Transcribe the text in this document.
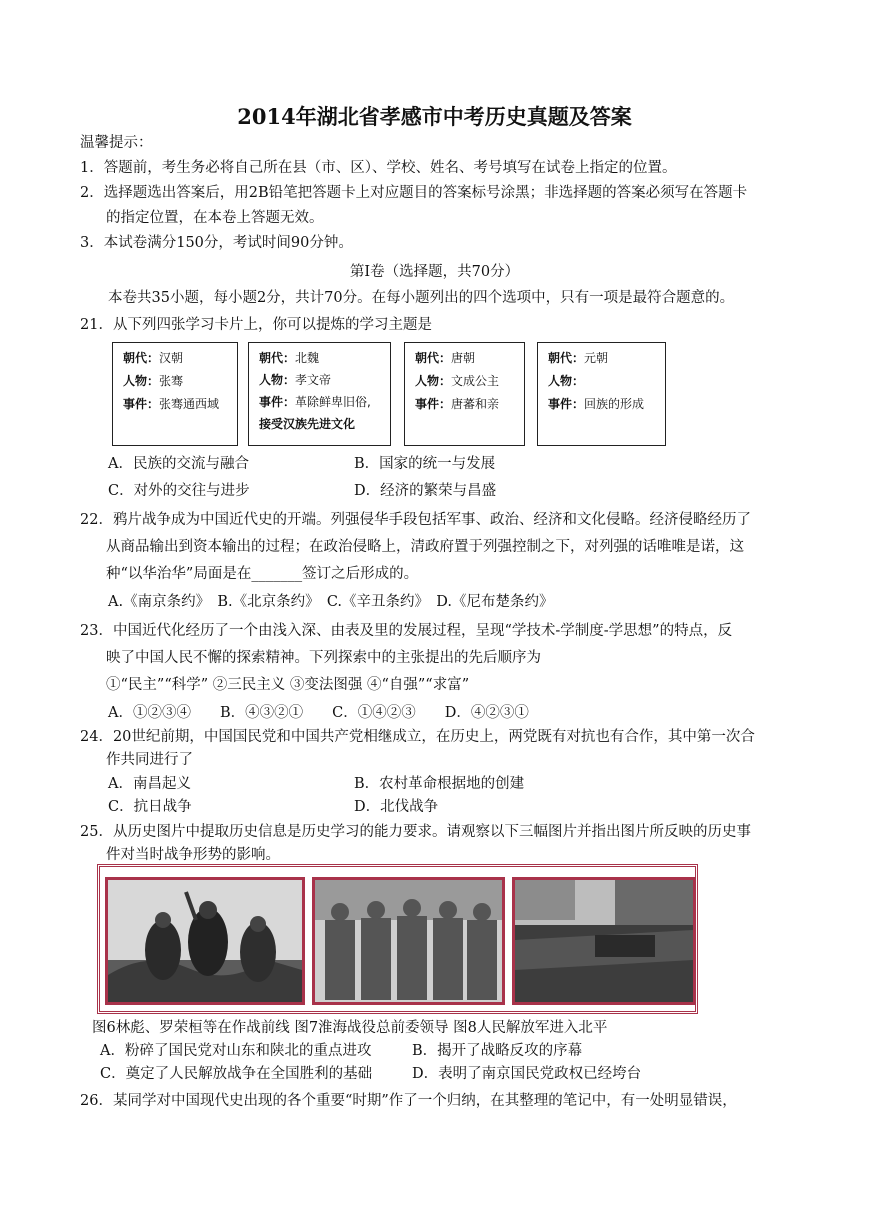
2014年湖北省孝感市中考历史真题及答案
温馨提示：
1．答题前，考生务必将自己所在县（市、区）、学校、姓名、考号填写在试卷上指定的位置。
2．选择题选出答案后，用2B铅笔把答题卡上对应题目的答案标号涂黑；非选择题的答案必须写在答题卡
的指定位置，在本卷上答题无效。
3．本试卷满分150分，考试时间90分钟。
第Ⅰ卷（选择题，共70分）
本卷共35小题，每小题2分，共计70分。在每小题列出的四个选项中，只有一项是最符合题意的。
21．从下列四张学习卡片上，你可以提炼的学习主题是
朝代：汉朝
人物：张骞
事件：张骞通西域
朝代：北魏
人物：孝文帝
事件：革除鲜卑旧俗,
接受汉族先进文化
朝代：唐朝
人物：文成公主
事件：唐蕃和亲
朝代：元朝
人物：
事件：回族的形成
A．民族的交流与融合	B．国家的统一与发展
C．对外的交往与进步	D．经济的繁荣与昌盛
22．鸦片战争成为中国近代史的开端。列强侵华手段包括军事、政治、经济和文化侵略。经济侵略经历了
从商品输出到资本输出的过程；在政治侵略上，清政府置于列强控制之下，对列强的话唯唯是诺，这
种“以华治华”局面是在_______签订之后形成的。
A.《南京条约》　B.《北京条约》　C.《辛丑条约》　D.《尼布楚条约》
23．中国近代化经历了一个由浅入深、由表及里的发展过程，呈现“学技术-学制度-学思想”的特点，反
映了中国人民不懈的探索精神。下列探索中的主张提出的先后顺序为
①“民主”“科学” ②三民主义 ③变法图强 ④“自强”“求富”
A．①②③④　　B．④③②①　　C．①④②③　　D．④②③①
24．20世纪前期，中国国民党和中国共产党相继成立，在历史上，两党既有对抗也有合作，其中第一次合
作共同进行了
A．南昌起义	B．农村革命根据地的创建
C．抗日战争	D．北伐战争
25．从历史图片中提取历史信息是历史学习的能力要求。请观察以下三幅图片并指出图片所反映的历史事
件对当时战争形势的影响。
图6林彪、罗荣桓等在作战前线 图7淮海战役总前委领导 图8人民解放军进入北平
A．粉碎了国民党对山东和陕北的重点进攻	B．揭开了战略反攻的序幕
C．奠定了人民解放战争在全国胜利的基础	D．表明了南京国民党政权已经垮台
26．某同学对中国现代史出现的各个重要“时期”作了一个归纳，在其整理的笔记中，有一处明显错误，
